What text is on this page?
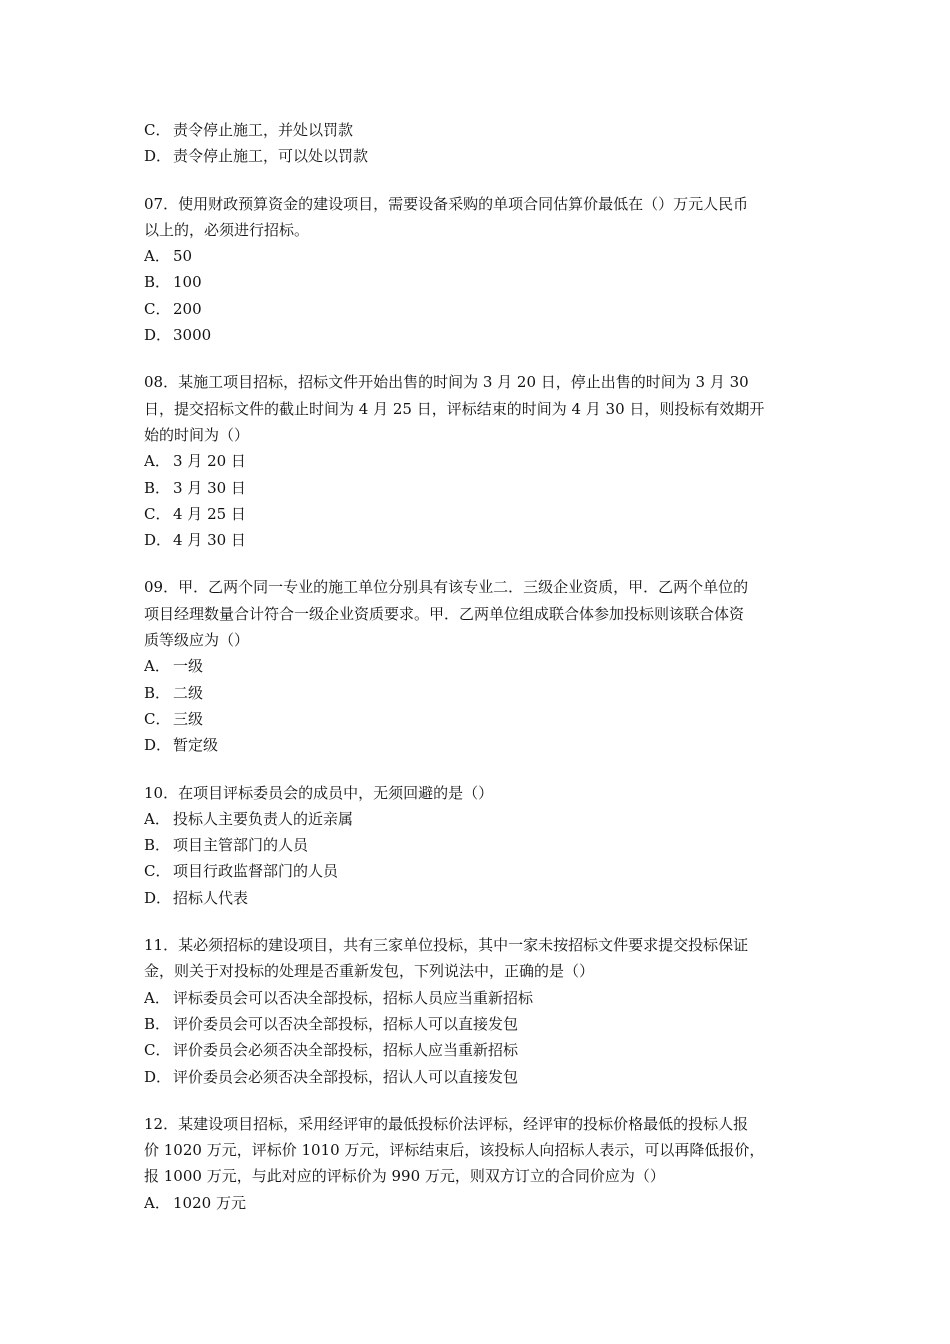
C． 责令停止施工，并处以罚款
D． 责令停止施工，可以处以罚款
07．使用财政预算资金的建设项目，需要设备采购的单项合同估算价最低在（）万元人民币
以上的，必须进行招标。
A． 50
B． 100
C． 200
D． 3000
08．某施工项目招标，招标文件开始出售的时间为 3 月 20 日，停止出售的时间为 3 月 30
日，提交招标文件的截止时间为 4 月 25 日，评标结束的时间为 4 月 30 日，则投标有效期开
始的时间为（）
A． 3 月 20 日
B． 3 月 30 日
C． 4 月 25 日
D． 4 月 30 日
09．甲．乙两个同一专业的施工单位分别具有该专业二．三级企业资质，甲．乙两个单位的
项目经理数量合计符合一级企业资质要求。甲．乙两单位组成联合体参加投标则该联合体资
质等级应为（）
A． 一级
B． 二级
C． 三级
D． 暂定级
10．在项目评标委员会的成员中，无须回避的是（）
A． 投标人主要负责人的近亲属
B． 项目主管部门的人员
C． 项目行政监督部门的人员
D． 招标人代表
11．某必须招标的建设项目，共有三家单位投标，其中一家未按招标文件要求提交投标保证
金，则关于对投标的处理是否重新发包，下列说法中，正确的是（）
A． 评标委员会可以否决全部投标，招标人员应当重新招标
B． 评价委员会可以否决全部投标，招标人可以直接发包
C． 评价委员会必须否决全部投标，招标人应当重新招标
D． 评价委员会必须否决全部投标，招认人可以直接发包
12．某建设项目招标，采用经评审的最低投标价法评标，经评审的投标价格最低的投标人报
价 1020 万元，评标价 1010 万元，评标结束后，该投标人向招标人表示，可以再降低报价，
报 1000 万元，与此对应的评标价为 990 万元，则双方订立的合同价应为（）
A． 1020 万元
